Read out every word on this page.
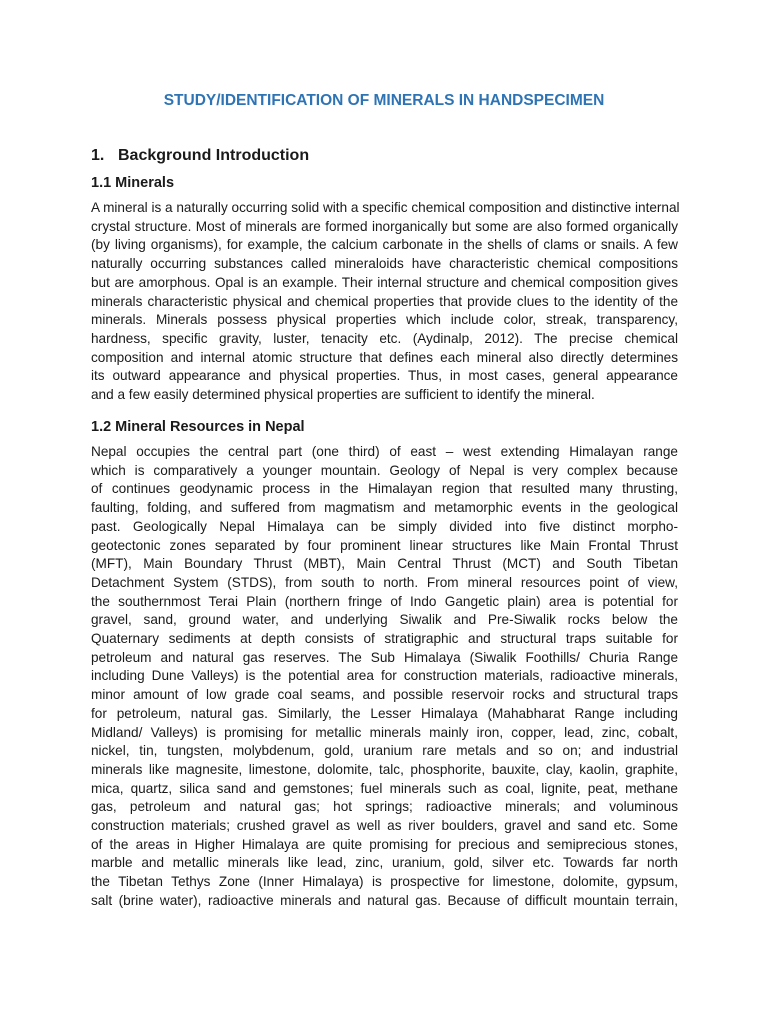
STUDY/IDENTIFICATION OF MINERALS IN HANDSPECIMEN
1. Background Introduction
1.1 Minerals
A mineral is a naturally occurring solid with a specific chemical composition and distinctive internal
crystal structure. Most of minerals are formed inorganically but some are also formed organically
(by living organisms), for example, the calcium carbonate in the shells of clams or snails. A few
naturally occurring substances called mineraloids have characteristic chemical compositions
but are amorphous. Opal is an example. Their internal structure and chemical composition gives
minerals characteristic physical and chemical properties that provide clues to the identity of the
minerals. Minerals possess physical properties which include color, streak, transparency,
hardness, specific gravity, luster, tenacity etc. (Aydinalp, 2012). The precise chemical
composition and internal atomic structure that defines each mineral also directly determines
its outward appearance and physical properties. Thus, in most cases, general appearance
and a few easily determined physical properties are sufficient to identify the mineral.
1.2 Mineral Resources in Nepal
Nepal occupies the central part (one third) of east – west extending Himalayan range
which is comparatively a younger mountain. Geology of Nepal is very complex because
of continues geodynamic process in the Himalayan region that resulted many thrusting,
faulting, folding, and suffered from magmatism and metamorphic events in the geological
past. Geologically Nepal Himalaya can be simply divided into five distinct morpho-
geotectonic zones separated by four prominent linear structures like Main Frontal Thrust
(MFT), Main Boundary Thrust (MBT), Main Central Thrust (MCT) and South Tibetan
Detachment System (STDS), from south to north. From mineral resources point of view,
the southernmost Terai Plain (northern fringe of Indo Gangetic plain) area is potential for
gravel, sand, ground water, and underlying Siwalik and Pre-Siwalik rocks below the
Quaternary sediments at depth consists of stratigraphic and structural traps suitable for
petroleum and natural gas reserves. The Sub Himalaya (Siwalik Foothills/ Churia Range
including Dune Valleys) is the potential area for construction materials, radioactive minerals,
minor amount of low grade coal seams, and possible reservoir rocks and structural traps
for petroleum, natural gas. Similarly, the Lesser Himalaya (Mahabharat Range including
Midland/ Valleys) is promising for metallic minerals mainly iron, copper, lead, zinc, cobalt,
nickel, tin, tungsten, molybdenum, gold, uranium rare metals and so on; and industrial
minerals like magnesite, limestone, dolomite, talc, phosphorite, bauxite, clay, kaolin, graphite,
mica, quartz, silica sand and gemstones; fuel minerals such as coal, lignite, peat, methane
gas, petroleum and natural gas; hot springs; radioactive minerals; and voluminous
construction materials; crushed gravel as well as river boulders, gravel and sand etc. Some
of the areas in Higher Himalaya are quite promising for precious and semiprecious stones,
marble and metallic minerals like lead, zinc, uranium, gold, silver etc. Towards far north
the Tibetan Tethys Zone (Inner Himalaya) is prospective for limestone, dolomite, gypsum,
salt (brine water), radioactive minerals and natural gas. Because of difficult mountain terrain,
